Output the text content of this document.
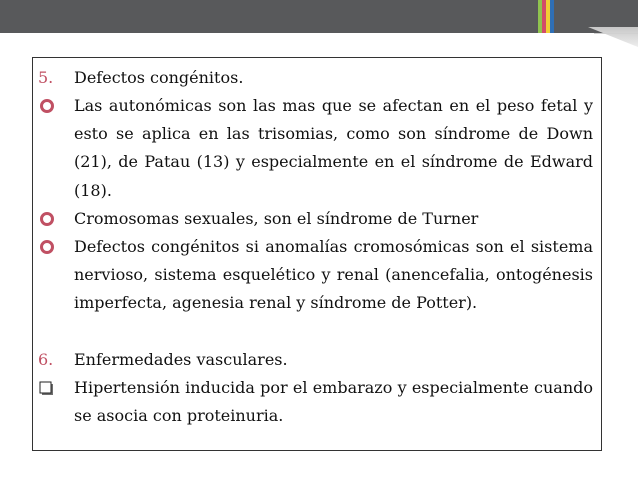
5.	Defectos congénitos.
Las autonómicas son las mas que se afectan en el peso fetal y esto se aplica en las trisomias, como son síndrome de Down (21), de Patau (13) y especialmente en el síndrome de Edward (18).
Cromosomas sexuales, son el síndrome de Turner
Defectos congénitos si anomalías cromosómicas son el sistema nervioso, sistema esquelético y renal (anencefalia, ontogénesis imperfecta, agenesia renal y síndrome de Potter).
6.	Enfermedades vasculares.
Hipertensión inducida por el embarazo y especialmente cuando se asocia con proteinuria.
